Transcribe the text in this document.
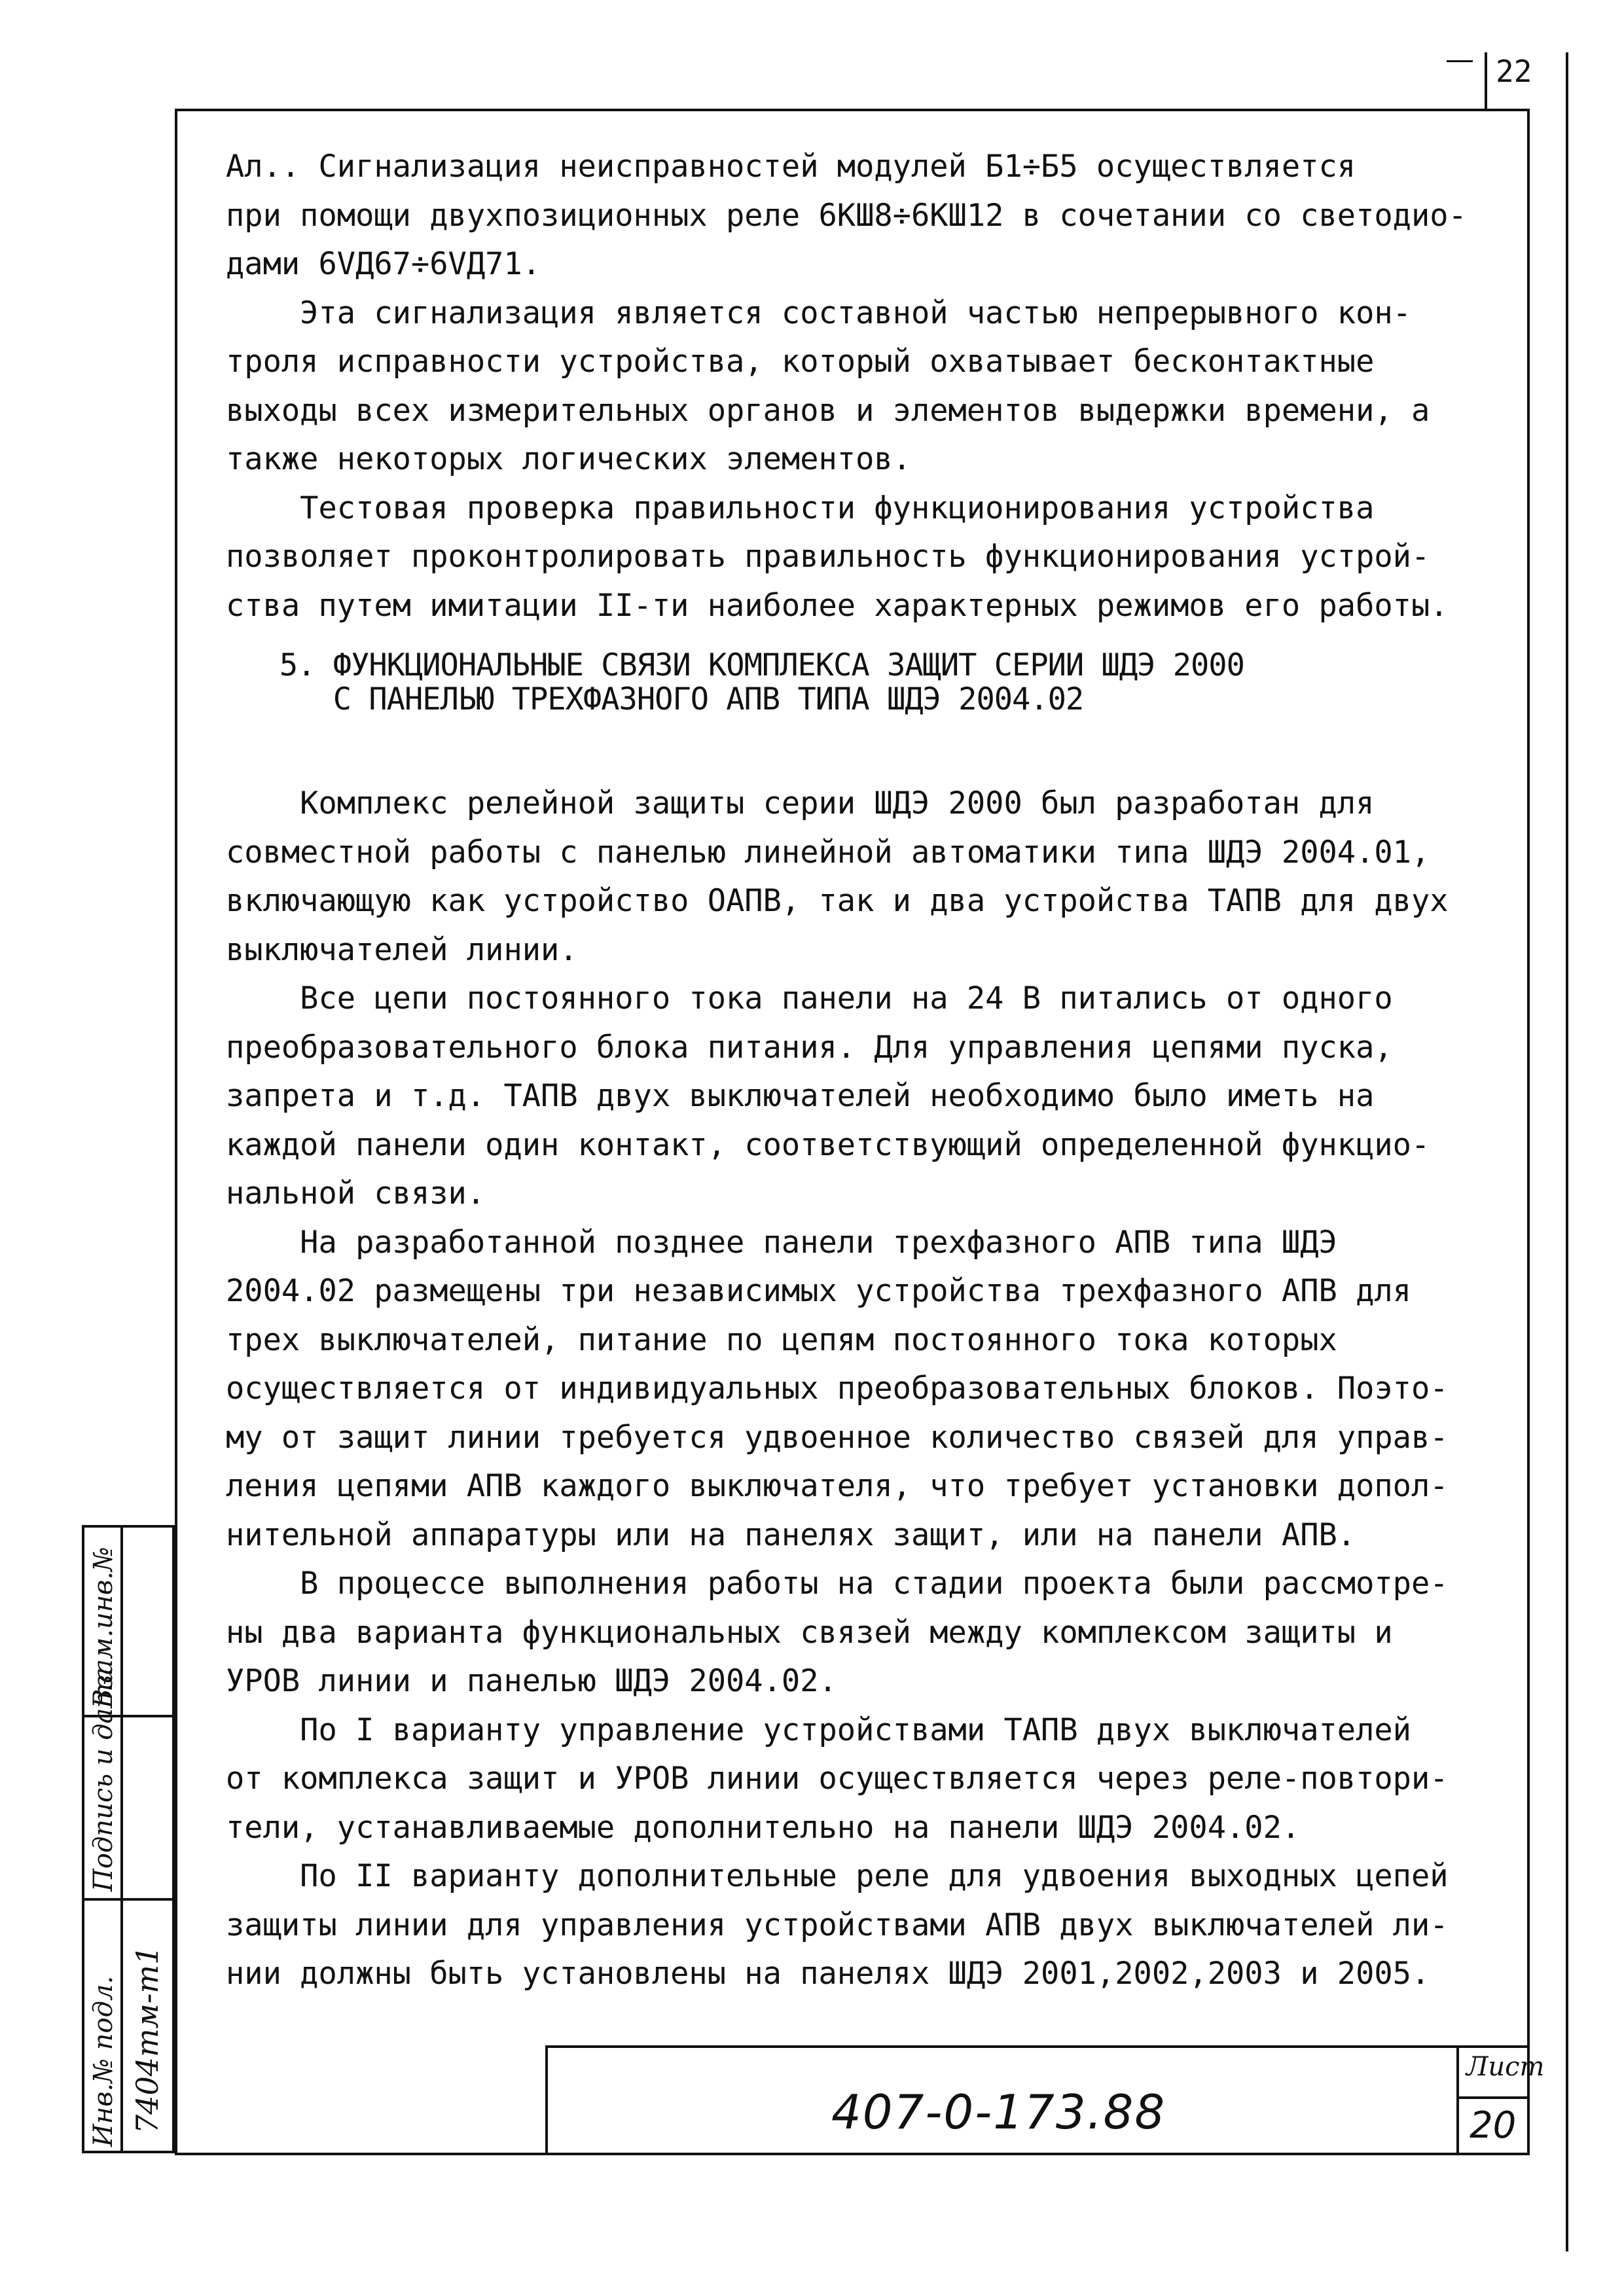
22

Ал.. Сигнализация неисправностей модулей Б1÷Б5 осуществляется

при помощи двухпозиционных реле 6КШ8÷6КШ12 в сочетании со светодио-

дами 6VД67÷6VД71.

Эта сигнализация является составной частью непрерывного кон-

троля исправности устройства, который охватывает бесконтактные

выходы всех измерительных органов и элементов выдержки времени, а

также некоторых логических элементов.

Тестовая проверка правильности функционирования устройства

позволяет проконтролировать правильность функционирования устрой-

ства путем имитации II-ти наиболее характерных режимов его работы.

5. ФУНКЦИОНАЛЬНЫЕ СВЯЗИ КОМПЛЕКСА ЗАЩИТ СЕРИИ ШДЭ 2000

С ПАНЕЛЬЮ ТРЕХФАЗНОГО АПВ ТИПА ШДЭ 2004.02

Комплекс релейной защиты серии ШДЭ 2000 был разработан для

совместной работы с панелью линейной автоматики типа ШДЭ 2004.01,

включающую как устройство ОАПВ, так и два устройства ТАПВ для двух

выключателей линии.

Все цепи постоянного тока панели на 24 В питались от одного

преобразовательного блока питания. Для управления цепями пуска,

запрета и т.д. ТАПВ двух выключателей необходимо было иметь на

каждой панели один контакт, соответствующий определенной функцио-

нальной связи.

На разработанной позднее панели трехфазного АПВ типа ШДЭ

2004.02 размещены три независимых устройства трехфазного АПВ для

трех выключателей, питание по цепям постоянного тока которых

осуществляется от индивидуальных преобразовательных блоков. Поэто-

му от защит линии требуется удвоенное количество связей для управ-

ления цепями АПВ каждого выключателя, что требует установки допол-

нительной аппаратуры или на панелях защит, или на панели АПВ.

В процессе выполнения работы на стадии проекта были рассмотре-

ны два варианта функциональных связей между комплексом защиты и

УРОВ линии и панелью ШДЭ 2004.02.

По I варианту управление устройствами ТАПВ двух выключателей

от комплекса защит и УРОВ линии осуществляется через реле-повтори-

тели, устанавливаемые дополнительно на панели ШДЭ 2004.02.

По II варианту дополнительные реле для удвоения выходных цепей

защиты линии для управления устройствами АПВ двух выключателей ли-

нии должны быть установлены на панелях ШДЭ 2001,2002,2003 и 2005.

Взам.инв.№
Подпись и дата
Инв.№ подл. 7404тм-т1	407-0-173.88
Лист
20
